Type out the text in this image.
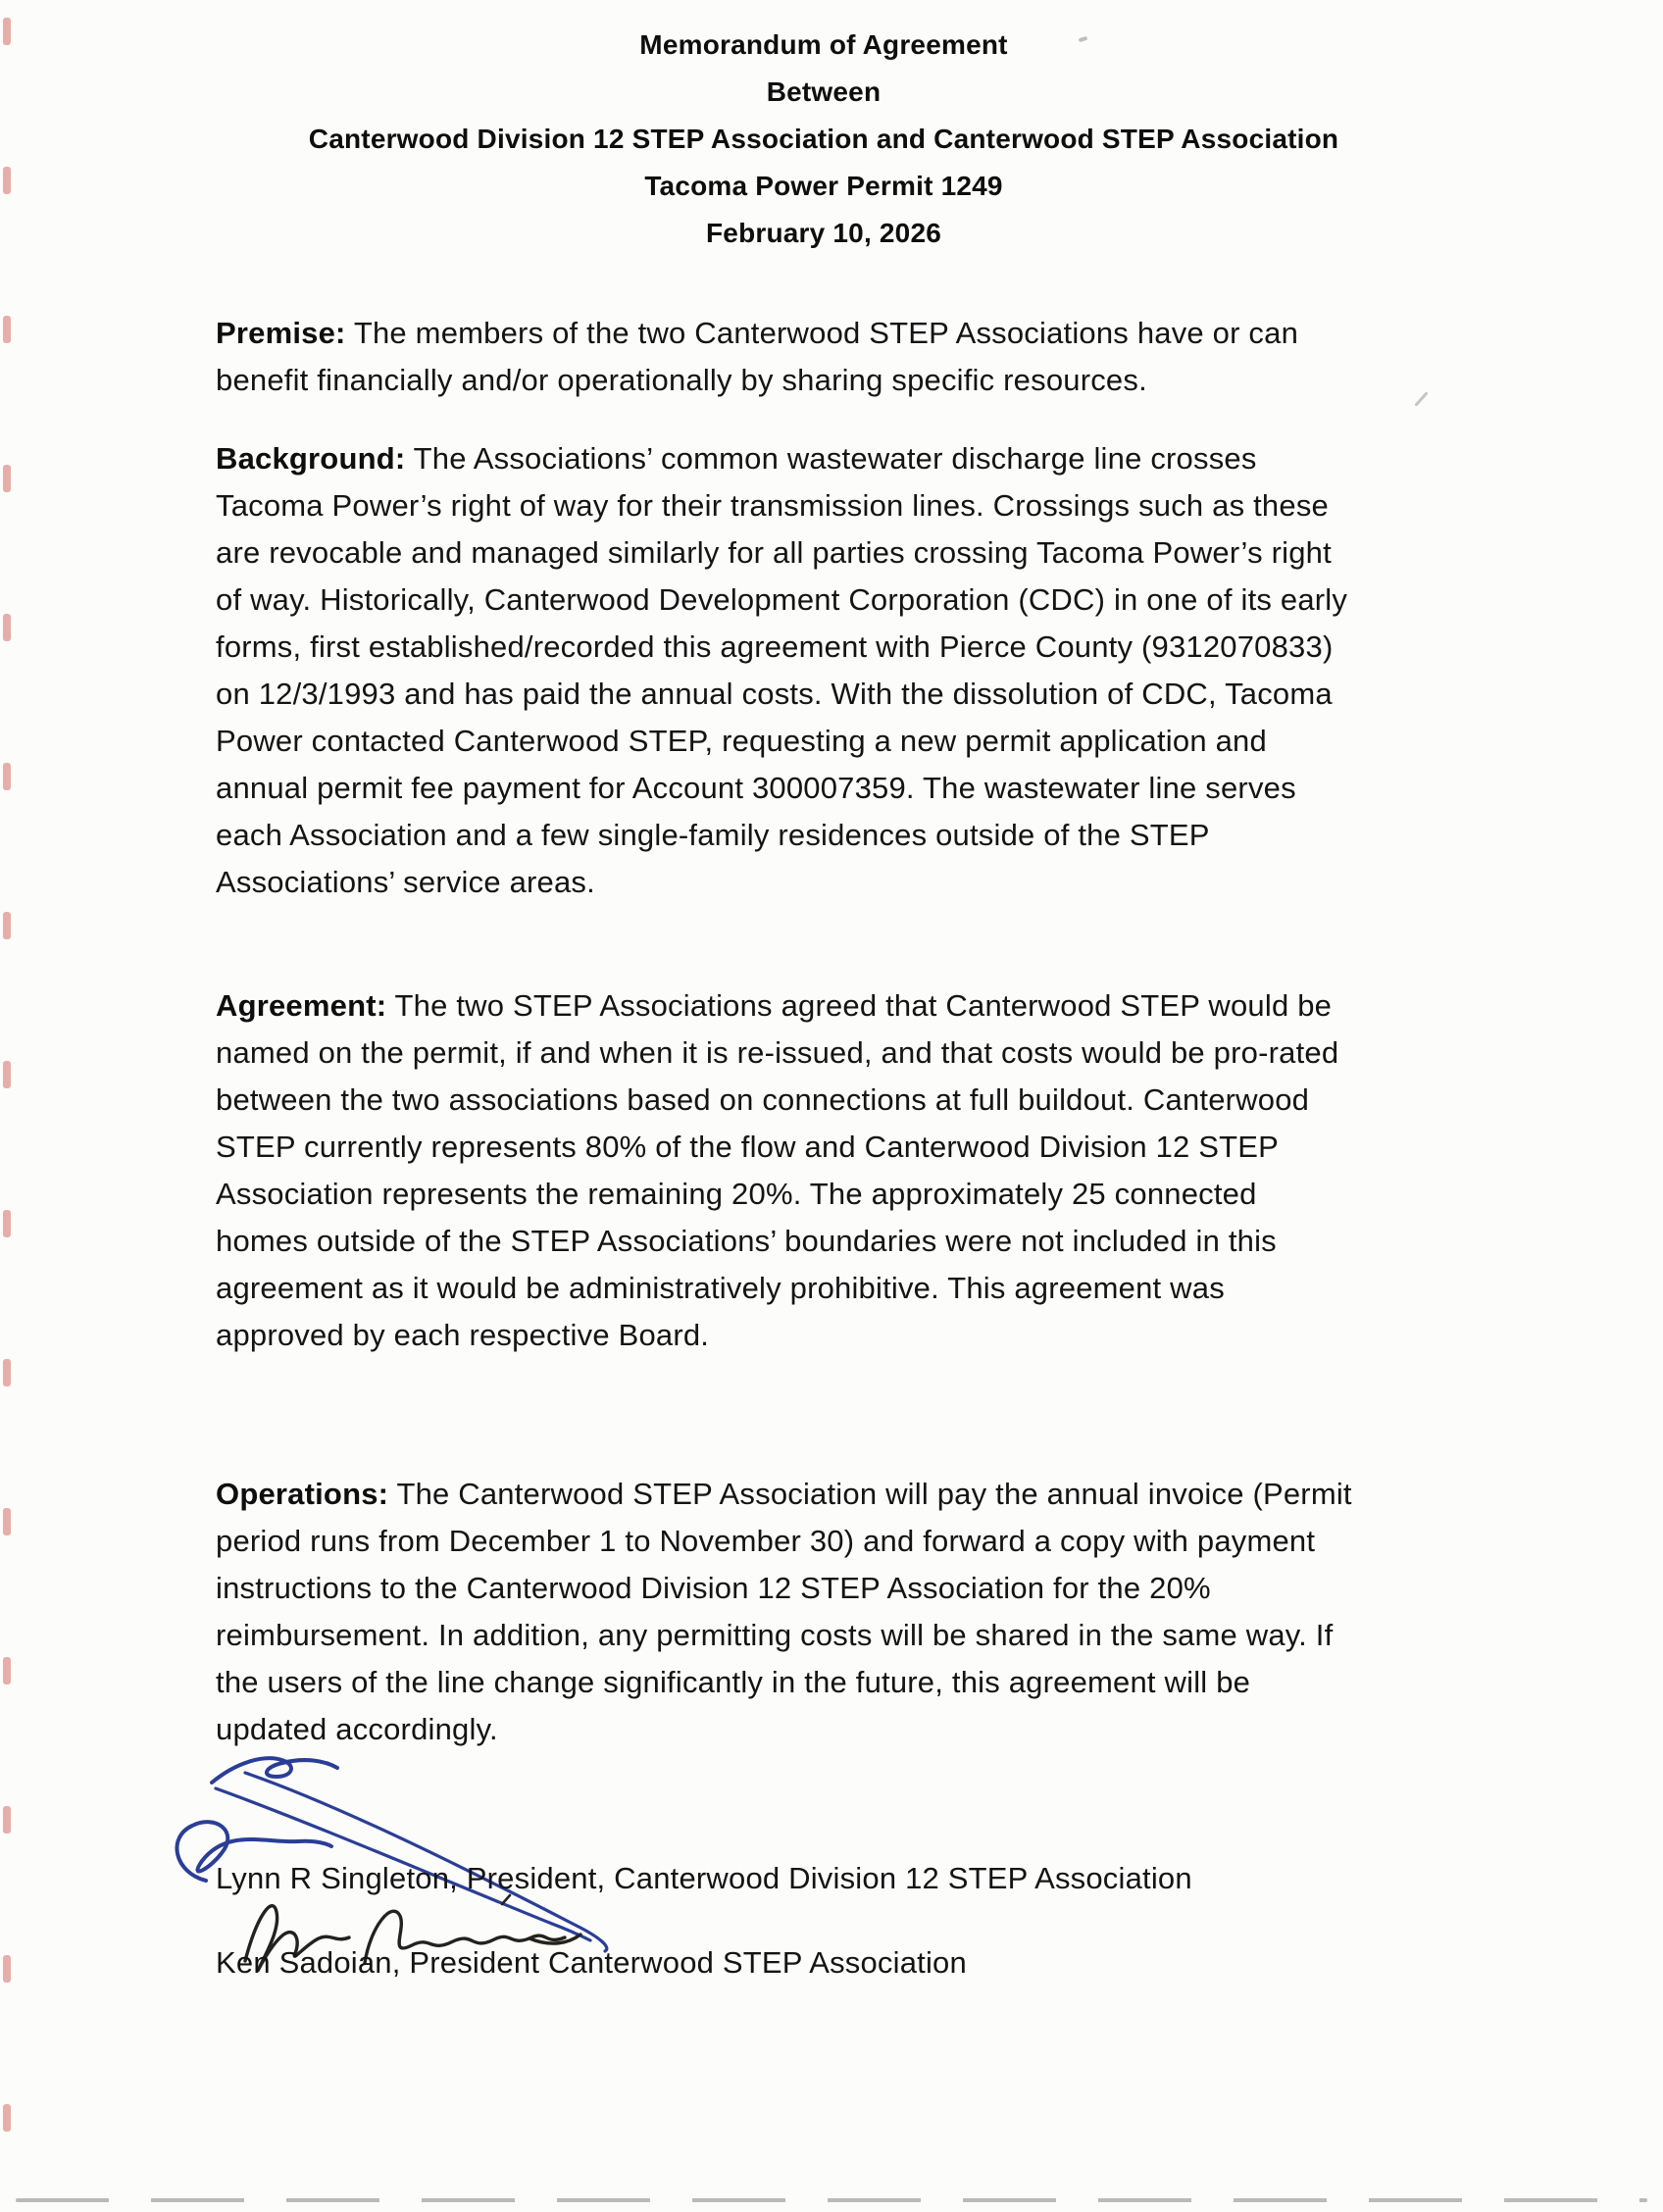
Memorandum of Agreement
Between
Canterwood Division 12 STEP Association and Canterwood STEP Association
Tacoma Power Permit 1249
February 10, 2026

Premise: The members of the two Canterwood STEP Associations have or can benefit financially and/or operationally by sharing specific resources.

Background: The Associations’ common wastewater discharge line crosses Tacoma Power’s right of way for their transmission lines. Crossings such as these are revocable and managed similarly for all parties crossing Tacoma Power’s right of way. Historically, Canterwood Development Corporation (CDC) in one of its early forms, first established/recorded this agreement with Pierce County (9312070833) on 12/3/1993 and has paid the annual costs. With the dissolution of CDC, Tacoma Power contacted Canterwood STEP, requesting a new permit application and annual permit fee payment for Account 300007359. The wastewater line serves each Association and a few single-family residences outside of the STEP Associations’ service areas.

Agreement: The two STEP Associations agreed that Canterwood STEP would be named on the permit, if and when it is re-issued, and that costs would be pro-rated between the two associations based on connections at full buildout. Canterwood STEP currently represents 80% of the flow and Canterwood Division 12 STEP Association represents the remaining 20%. The approximately 25 connected homes outside of the STEP Associations’ boundaries were not included in this agreement as it would be administratively prohibitive. This agreement was approved by each respective Board.

Operations: The Canterwood STEP Association will pay the annual invoice (Permit period runs from December 1 to November 30) and forward a copy with payment instructions to the Canterwood Division 12 STEP Association for the 20% reimbursement. In addition, any permitting costs will be shared in the same way. If the users of the line change significantly in the future, this agreement will be updated accordingly.

Lynn R Singleton, President, Canterwood Division 12 STEP Association
Ken Sadoian, President Canterwood STEP Association
